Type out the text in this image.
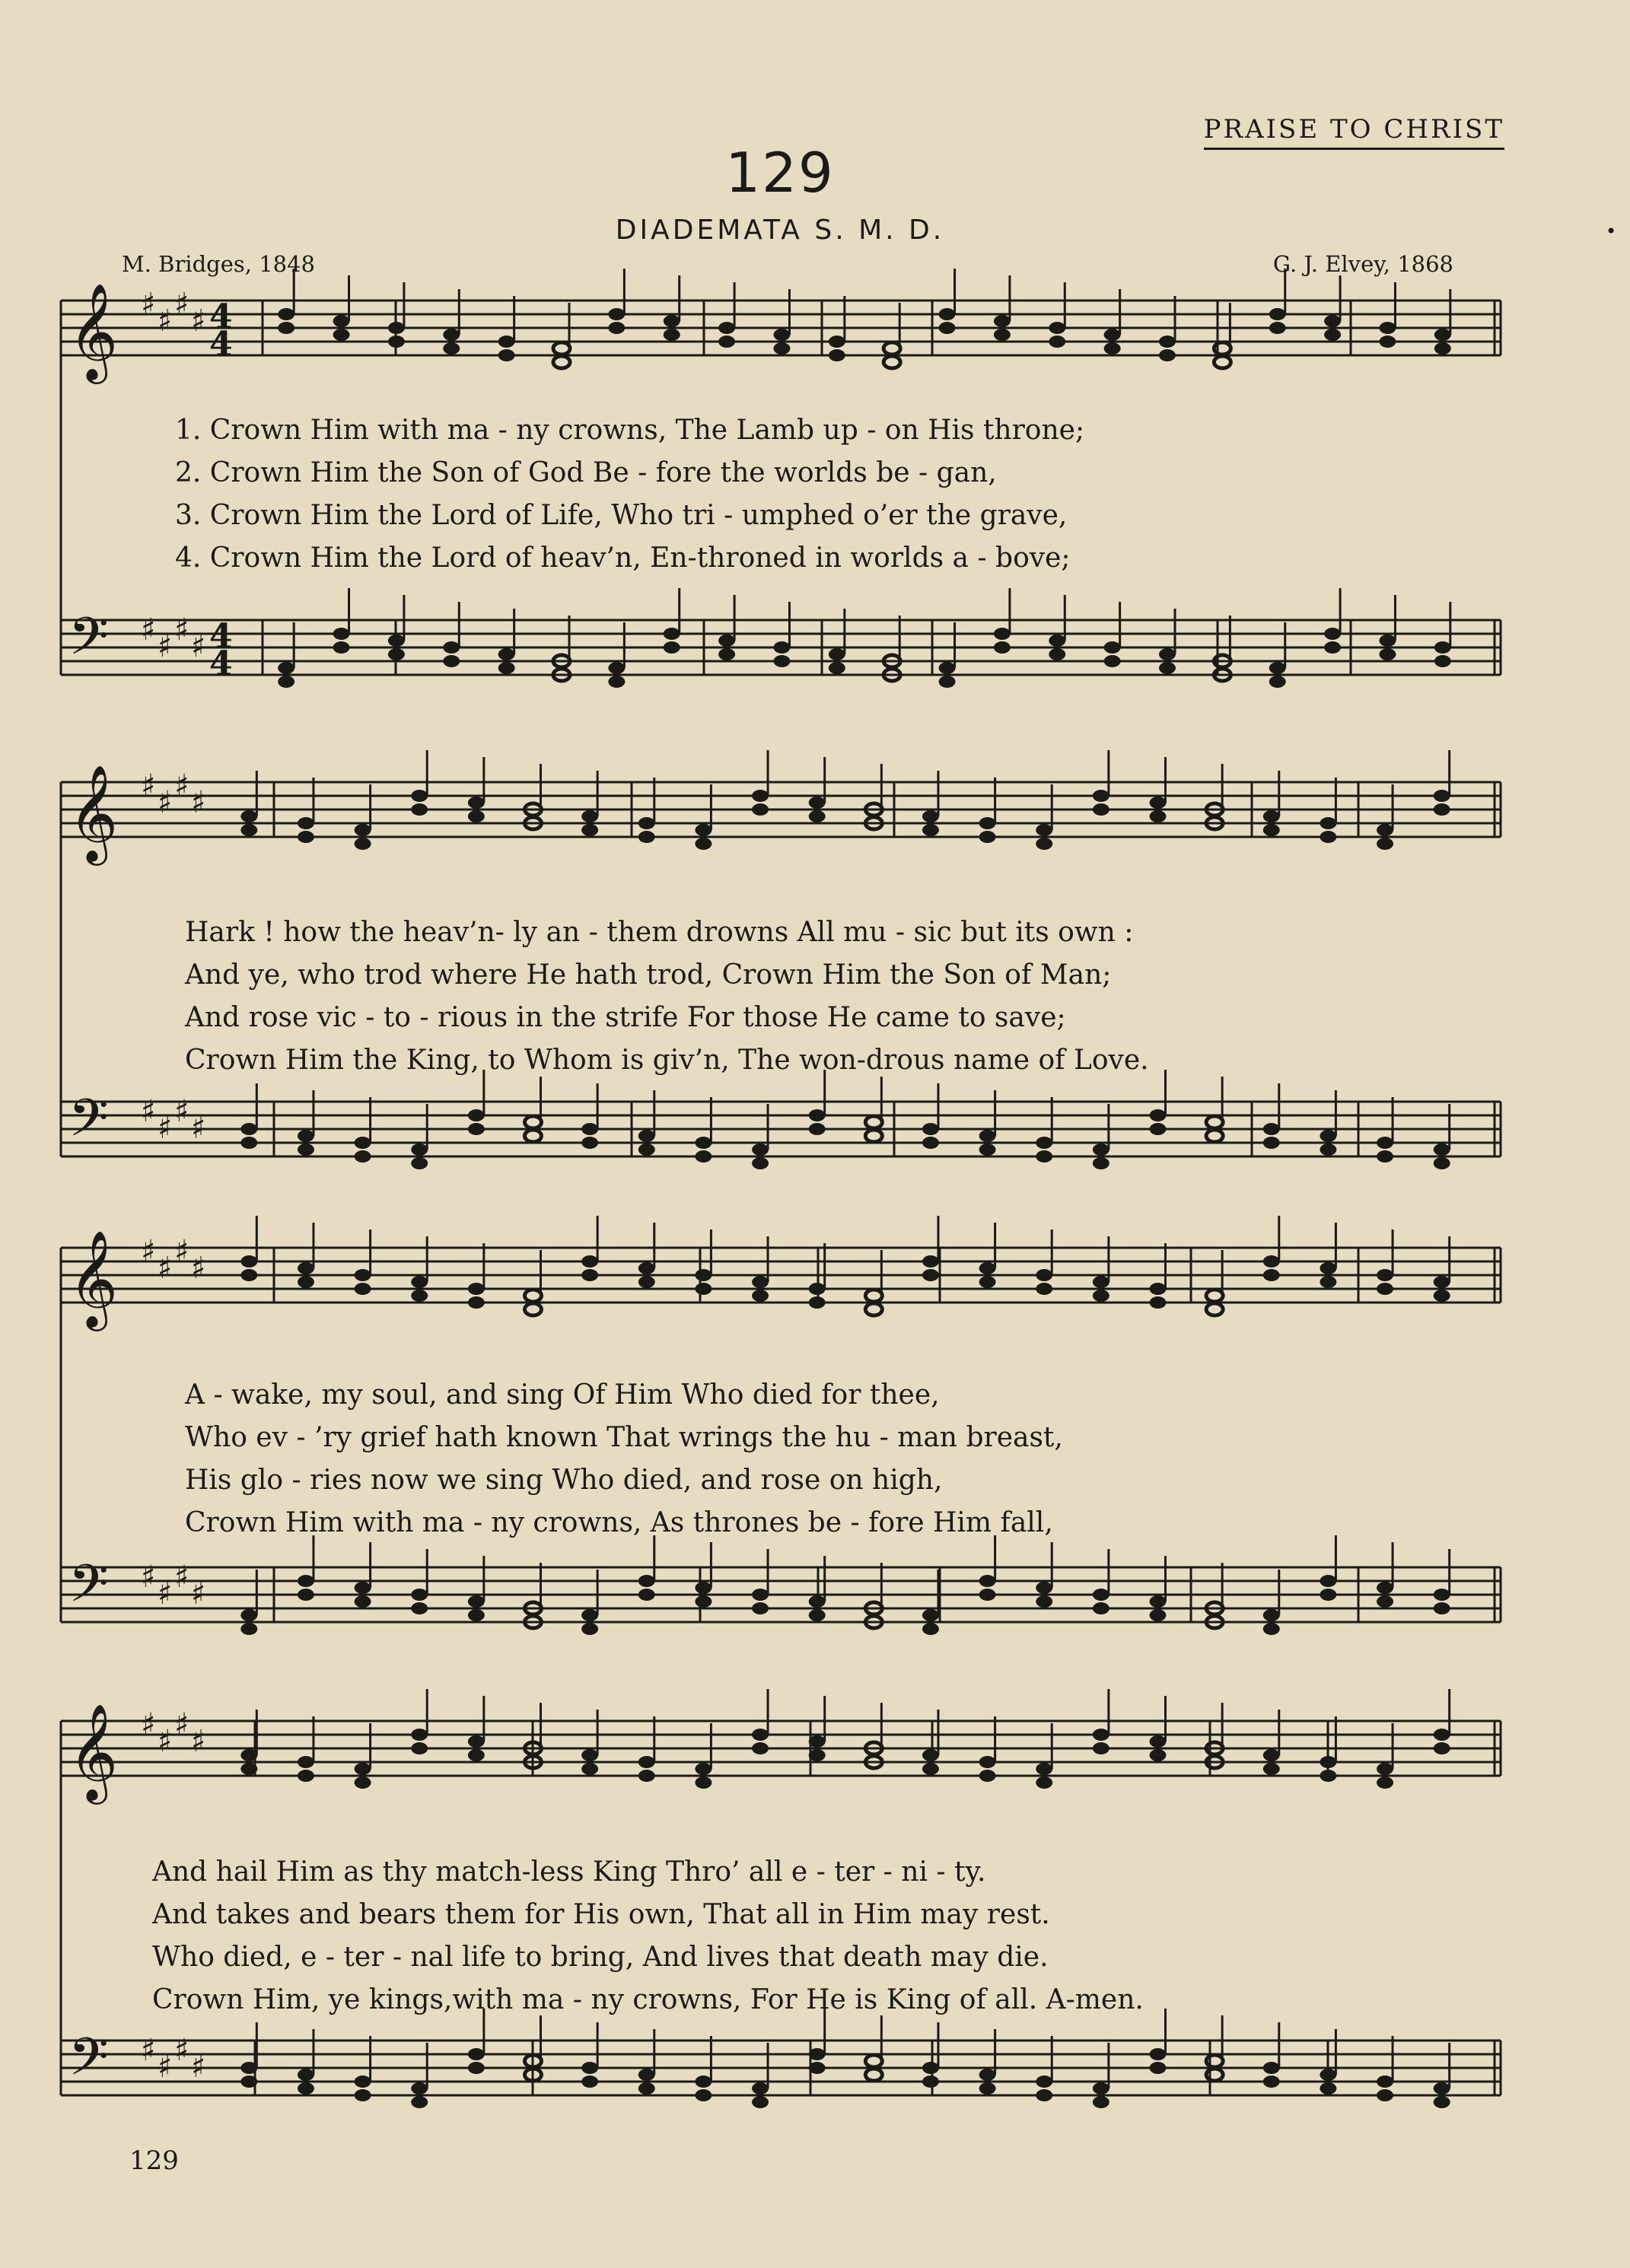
PRAISE TO CHRIST
129
DIADEMATA S. M. D.
M. Bridges, 1848	G. J. Elvey, 1868
•
𝄞 ♯ ♯ ♯ ♯ 4
4
𝄢 ♯ ♯ ♯ ♯ 4
4
𝄞 ♯ ♯ ♯ ♯
𝄢 ♯ ♯ ♯ ♯
𝄞 ♯ ♯ ♯ ♯
𝄢 ♯ ♯ ♯ ♯
𝄞 ♯ ♯ ♯ ♯
𝄢 ♯ ♯ ♯ ♯
1. Crown Him with ma - ny crowns, The Lamb up - on His throne;
2. Crown Him the Son of God Be - fore the worlds be - gan,
3. Crown Him the Lord of Life, Who tri - umphed o’er the grave,
4. Crown Him the Lord of heav’n, En-throned in worlds a - bove;
Hark ! how the heav’n- ly an - them drowns All mu - sic but its own :
And ye, who trod where He hath trod, Crown Him the Son of Man;
And rose vic - to - rious in the strife For those He came to save;
Crown Him the King, to Whom is giv’n, The won-drous name of Love.
A - wake, my soul, and sing Of Him Who died for thee,
Who ev - ’ry grief hath known That wrings the hu - man breast,
His glo - ries now we sing Who died, and rose on high,
Crown Him with ma - ny crowns, As thrones be - fore Him fall,
And hail Him as thy match-less King Thro’ all e - ter - ni - ty.
And takes and bears them for His own, That all in Him may rest.
Who died, e - ter - nal life to bring, And lives that death may die.
Crown Him, ye kings,with ma - ny crowns, For He is King of all. A-men.
129
